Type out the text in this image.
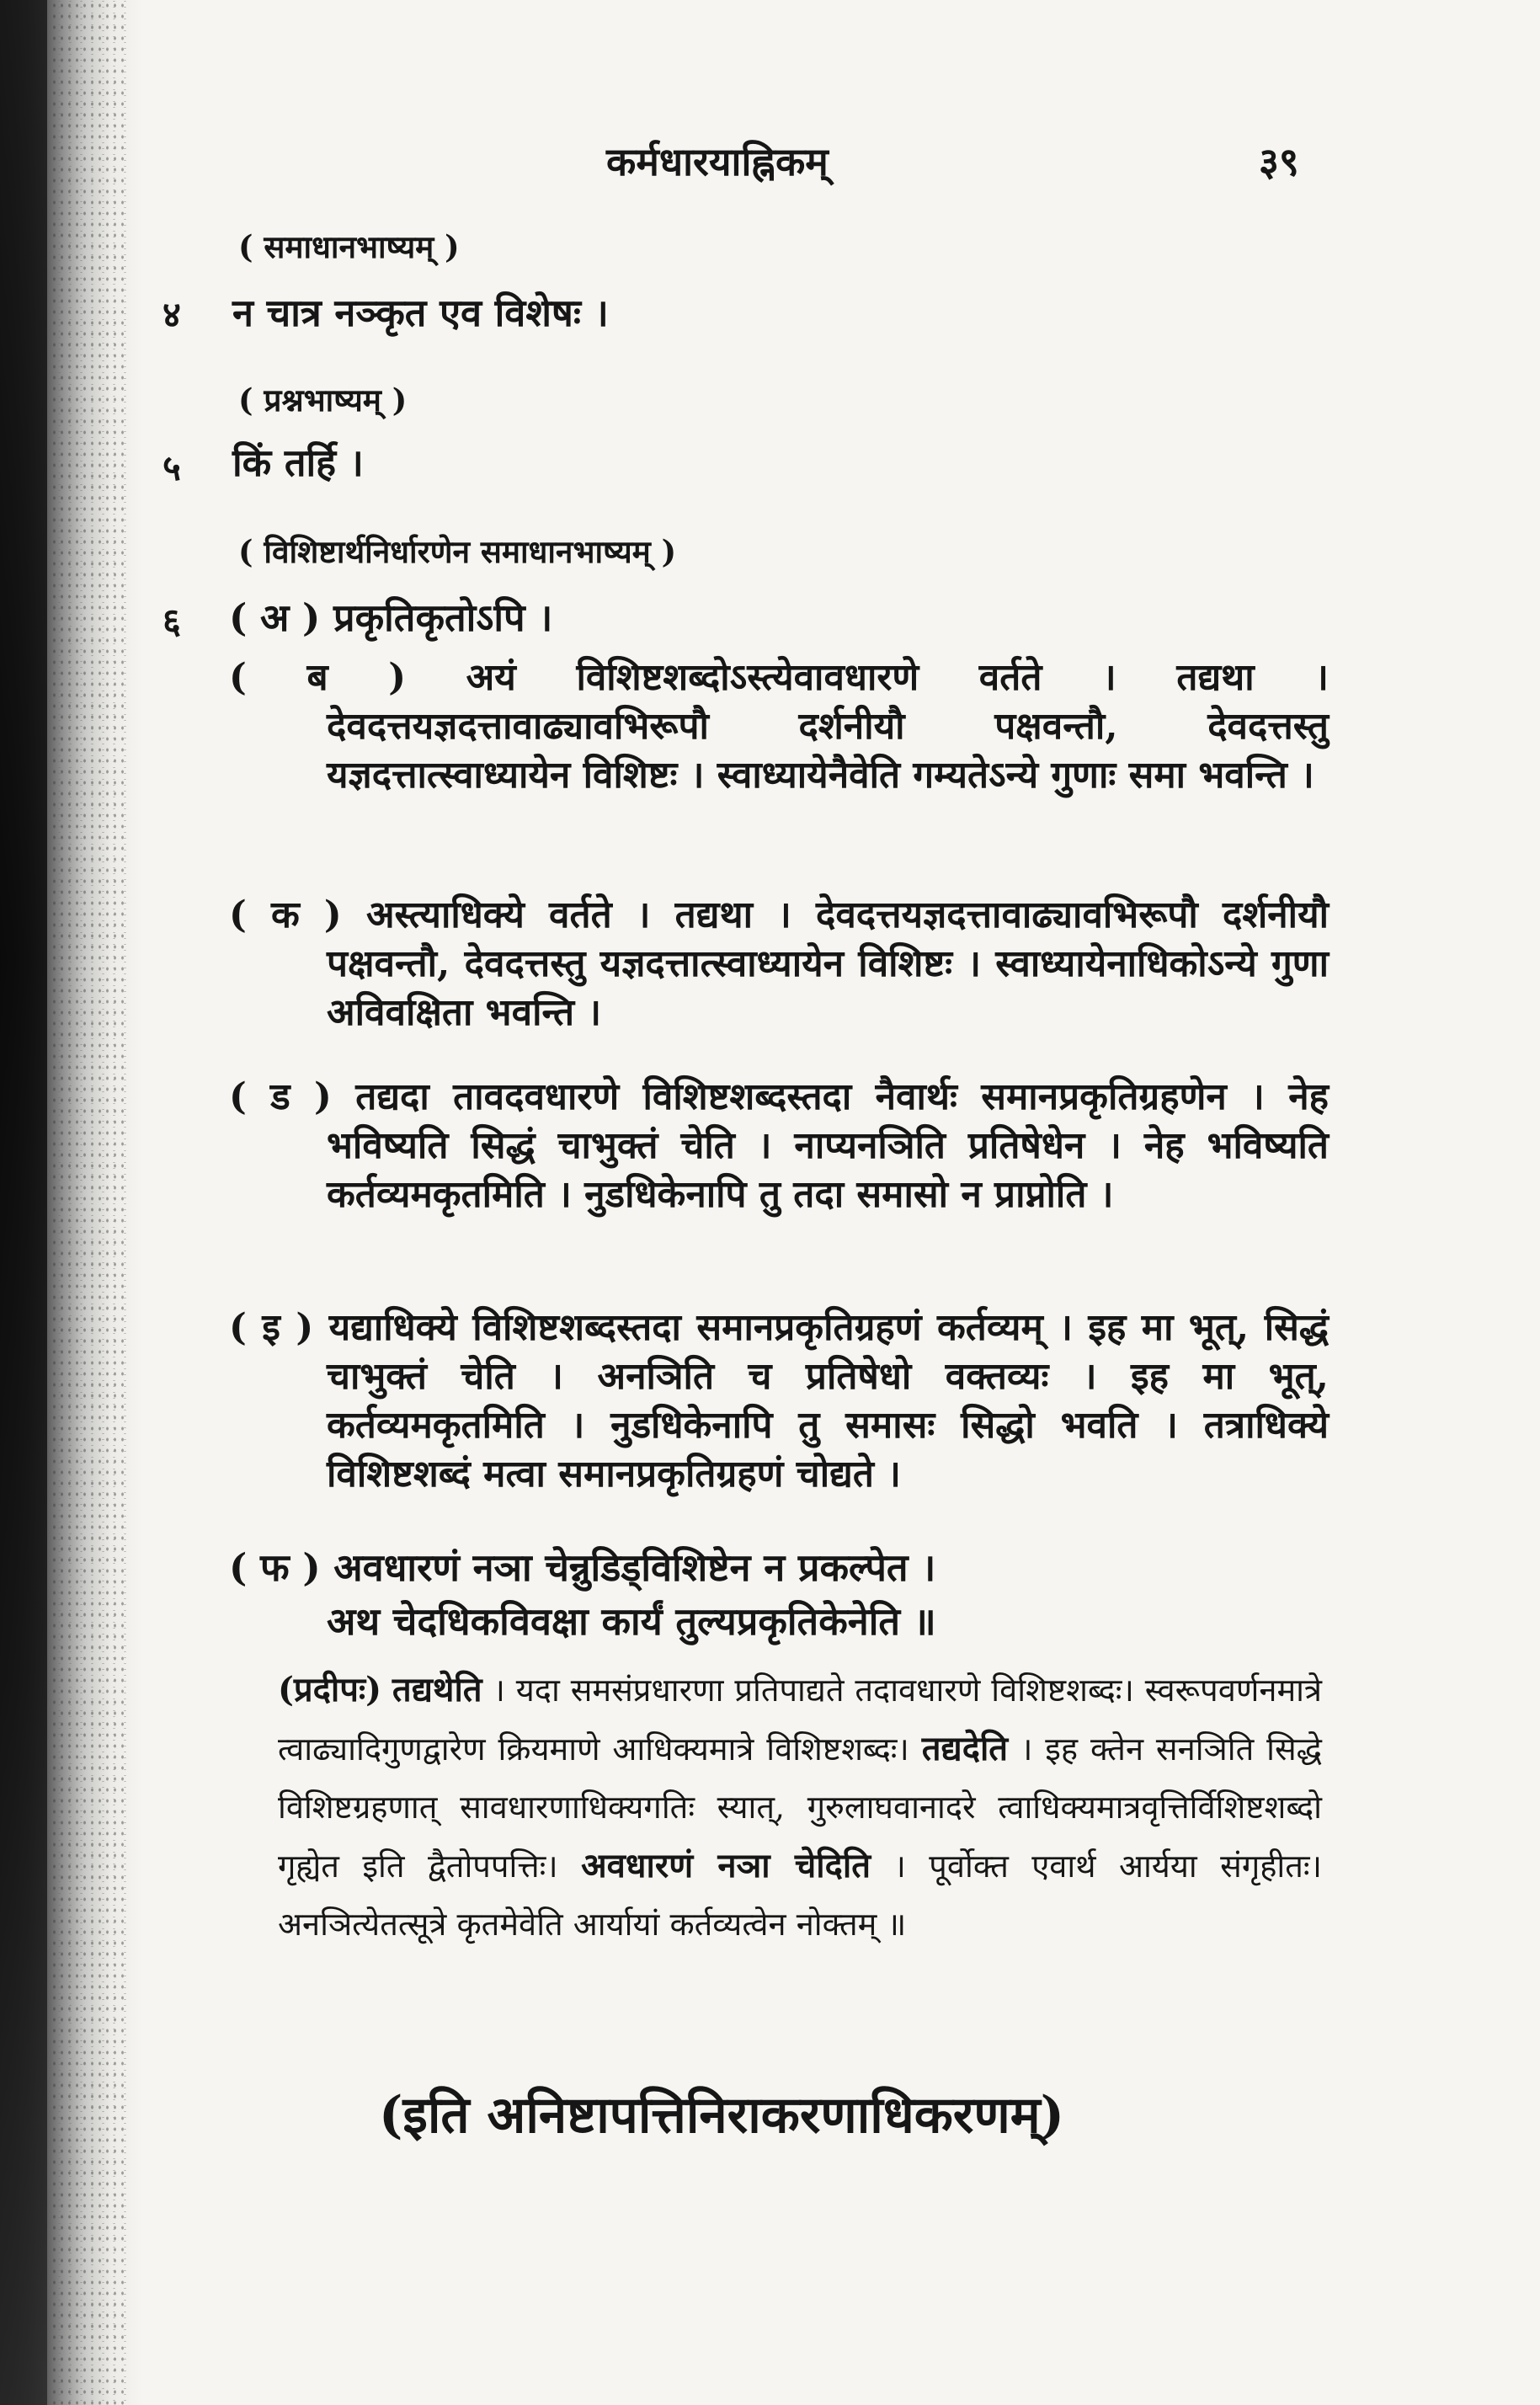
कर्मधारयाह्निकम्	३९
( समाधानभाष्यम् )
४ न चात्र नञ्कृत एव विशेषः ।
( प्रश्नभाष्यम् )
५ किं तर्हि ।
( विशिष्टार्थनिर्धारणेन समाधानभाष्यम् )
६ ( अ ) प्रकृतिकृतोऽपि ।
( ब ) अयं विशिष्टशब्दोऽस्त्येवावधारणे वर्तते । तद्यथा । देवदत्तयज्ञदत्तावाढ्यावभिरूपौ दर्शनीयौ पक्षवन्तौ, देवदत्तस्तु यज्ञदत्तात्स्वाध्यायेन विशिष्टः । स्वाध्यायेनैवेति गम्यतेऽन्ये गुणाः समा भवन्ति ।
( क ) अस्त्याधिक्ये वर्तते । तद्यथा । देवदत्तयज्ञदत्तावाढ्यावभिरूपौ दर्शनीयौ पक्षवन्तौ, देवदत्तस्तु यज्ञदत्तात्स्वाध्यायेन विशिष्टः । स्वाध्यायेनाधिकोऽन्ये गुणा अविवक्षिता भवन्ति ।
( ड ) तद्यदा तावदवधारणे विशिष्टशब्दस्तदा नैवार्थः समानप्रकृतिग्रहणेन । नेह भविष्यति सिद्धं चाभुक्तं चेति । नाप्यनञिति प्रतिषेधेन । नेह भविष्यति कर्तव्यमकृतमिति । नुडधिकेनापि तु तदा समासो न प्राप्नोति ।
( इ ) यद्याधिक्ये विशिष्टशब्दस्तदा समानप्रकृतिग्रहणं कर्तव्यम् । इह मा भूत्, सिद्धं चाभुक्तं चेति । अनञिति च प्रतिषेधो वक्तव्यः । इह मा भूत्, कर्तव्यमकृतमिति । नुडधिकेनापि तु समासः सिद्धो भवति । तत्राधिक्ये विशिष्टशब्दं मत्वा समानप्रकृतिग्रहणं चोद्यते ।
( फ ) अवधारणं नञा चेन्नुडिड्विशिष्टेन न प्रकल्पेत ।
अथ चेदधिकविवक्षा कार्यं तुल्यप्रकृतिकेनेति ॥
(प्रदीपः) तद्यथेति । यदा समसंप्रधारणा प्रतिपाद्यते तदावधारणे विशिष्टशब्दः। स्वरूपवर्णनमात्रे त्वाढ्यादिगुणद्वारेण क्रियमाणे आधिक्यमात्रे विशिष्टशब्दः। तद्यदेति । इह क्तेन सनञिति सिद्धे विशिष्टग्रहणात् सावधारणाधिक्यगतिः स्यात्, गुरुलाघवानादरे त्वाधिक्यमात्रवृत्तिर्विशिष्टशब्दो गृह्येत इति द्वैतोपपत्तिः। अवधारणं नञा चेदिति । पूर्वोक्त एवार्थ आर्यया संगृहीतः। अनञित्येतत्सूत्रे कृतमेवेति आर्यायां कर्तव्यत्वेन नोक्तम् ॥
(इति अनिष्टापत्तिनिराकरणाधिकरणम्)
